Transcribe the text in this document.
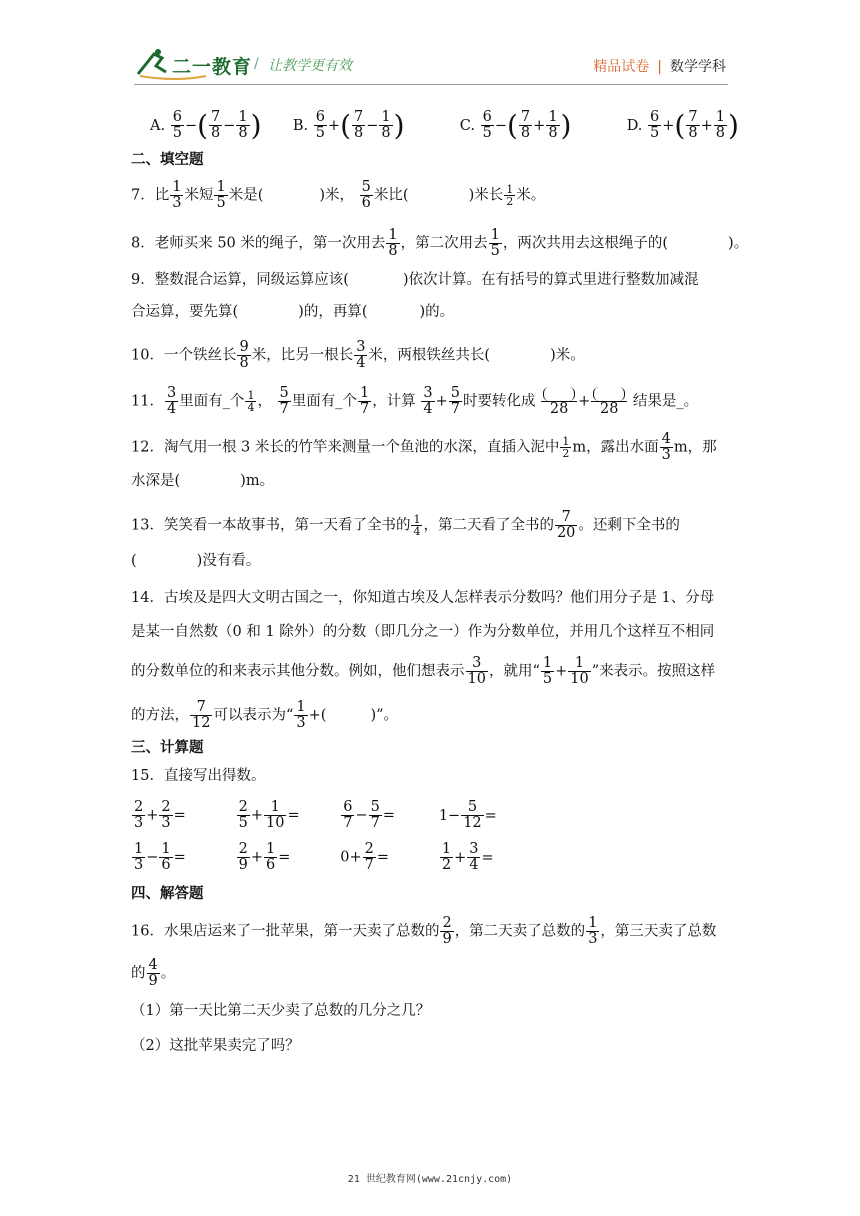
二一教育 / 让教学更有效	精品试卷 | 数学学科
A. $\frac{6}{5}$ −( $\frac{7}{8} - \frac{1}{8}$ ) B. $\frac{6}{5}$ +( $\frac{7}{8} - \frac{1}{8}$ )	C. $\frac{6}{5}$ −( $\frac{7}{8} + \frac{1}{8}$ )	D. $\frac{6}{5}$ +( $\frac{7}{8} + \frac{1}{8}$ )
二、填空题
7．比 $\frac{1}{3}$ 米短 $\frac{1}{5}$ 米是(	)米， $\frac{5}{6}$ 米比(	)米长 $\frac{1}{2}$ 米。
8．老师买来 50 米的绳子，第一次用去 $\frac{1}{8}$ ，第二次用去 $\frac{1}{5}$ ，两次共用去这根绳子的(	)。
9．整数混合运算，同级运算应该(	)依次计算。在有括号的算式里进行整数加减混
合运算，要先算(	)的，再算(	)的。
10．一个铁丝长 $\frac{9}{8}$ 米，比另一根长 $\frac{3}{4}$ 米，两根铁丝共长(	)米。
11． $\frac{3}{4}$ 里面有_个 $\frac{1}{4}$ ， $\frac{5}{7}$ 里面有_个 $\frac{1}{7}$ ，计算 $\frac{3}{4} + \frac{5}{7}$ 时要转化成 28 + 28 结果是_。
12．淘气用一根 3 米长的竹竿来测量一个鱼池的水深，直插入泥中 $\frac{1}{2}$ m，露出水面 $\frac{4}{3}$ m，那
水深是(	)m。
13．笑笑看一本故事书，第一天看了全书的 $\frac{1}{4}$ ，第二天看了全书的 $\frac{7}{20}$ 。还剩下全书的
(	)没有看。
14．古埃及是四大文明古国之一，你知道古埃及人怎样表示分数吗？他们用分子是 1、分母
是某一自然数（0 和 1 除外）的分数（即几分之一）作为分数单位，并用几个这样互不相同
的分数单位的和来表示其他分数。例如，他们想表示 $\frac{3}{10}$ ，就用“ $\frac{1}{5} + \frac{1}{10}$ ”来表示。按照这样
的方法， $\frac{7}{12}$ 可以表示为“ $\frac{1}{3}$ +(	)”。
三、计算题
15．直接写出得数。
$\frac{2}{3} + \frac{2}{3}$ =	$\frac{2}{5} + \frac{1}{10}$ =	$\frac{6}{7} - \frac{5}{7}$ =	$1- \frac{5}{12}$ =
$\frac{1}{3} - \frac{1}{6}$ =	$\frac{2}{9} + \frac{1}{6}$ =	$0+ \frac{2}{7}$ =	$\frac{1}{2} + \frac{3}{4}$ =
四、解答题
16．水果店运来了一批苹果，第一天卖了总数的 $\frac{2}{9}$ ，第二天卖了总数的 $\frac{1}{3}$ ，第三天卖了总数
的 $\frac{4}{9}$ 。
（1）第一天比第二天少卖了总数的几分之几？
（2）这批苹果卖完了吗？
21 世纪教育网(www.21cnjy.com)
